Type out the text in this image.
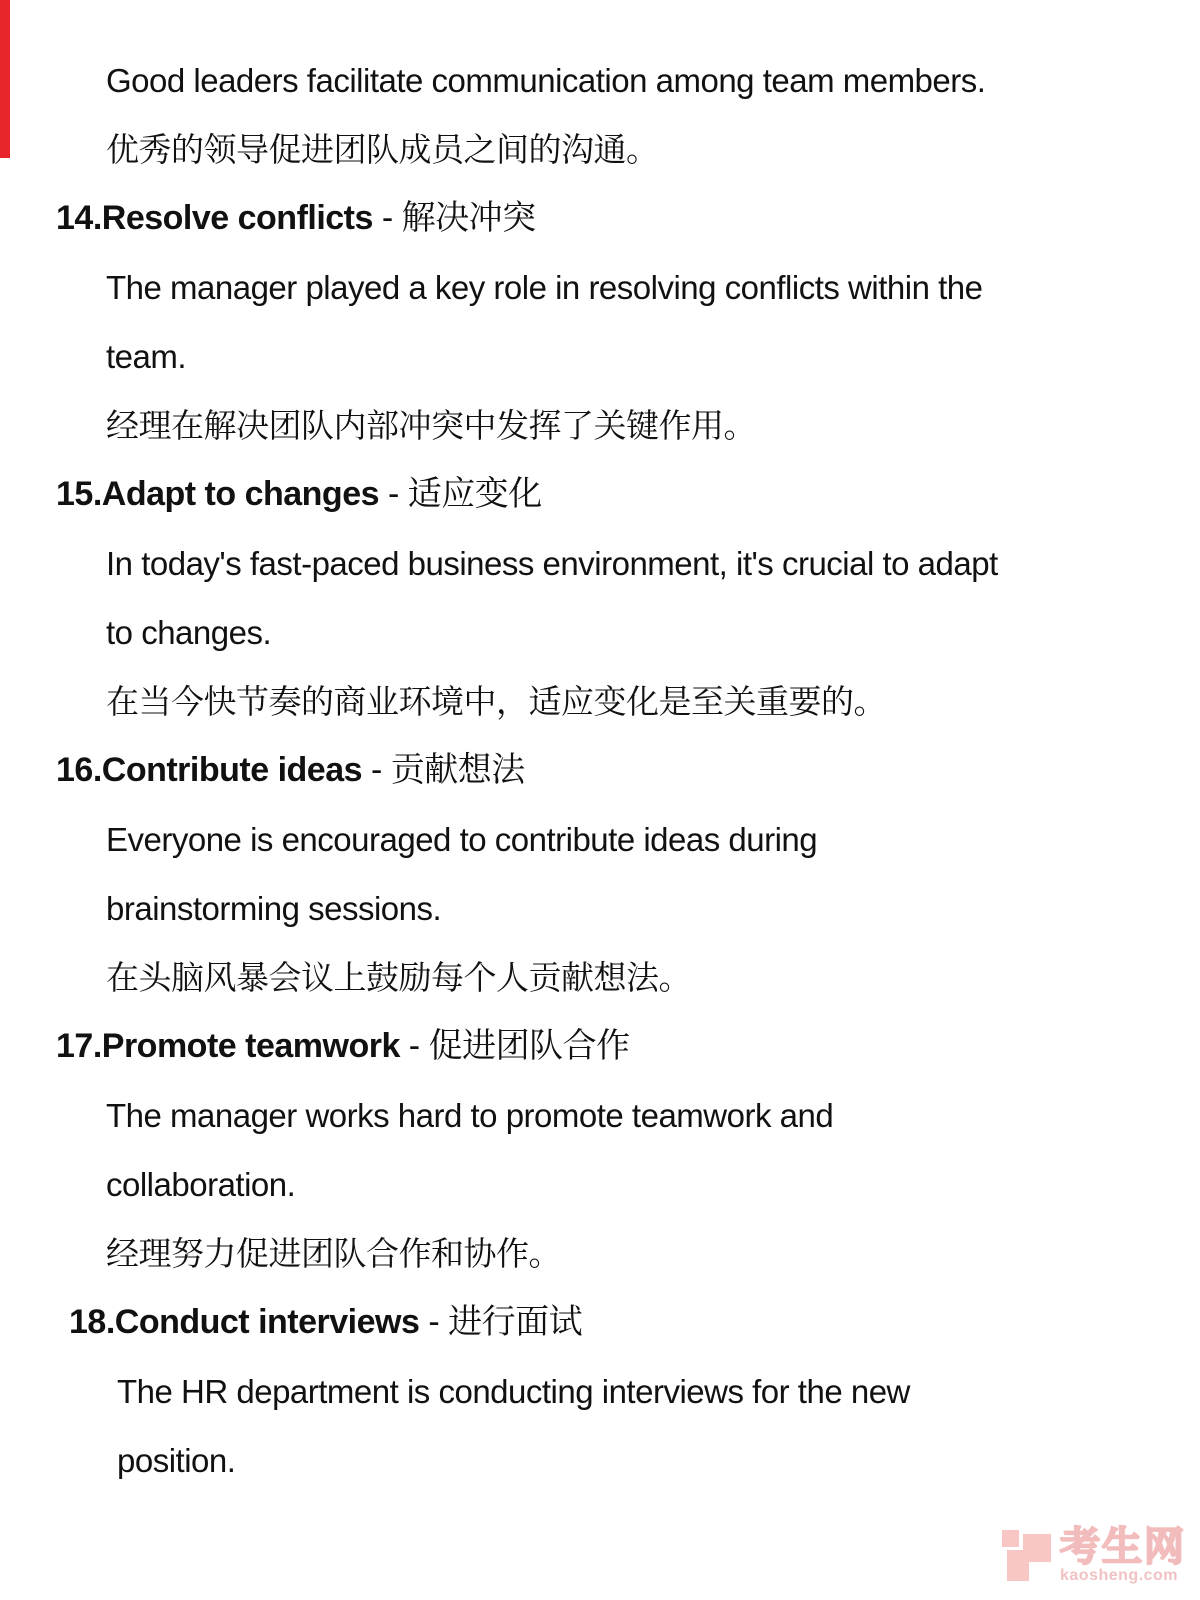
Good leaders facilitate communication among team members.
优秀的领导促进团队成员之间的沟通。
14.Resolve conflicts - 解决冲突
The manager played a key role in resolving conflicts within the
team.
经理在解决团队内部冲突中发挥了关键作用。
15.Adapt to changes - 适应变化
In today's fast-paced business environment, it's crucial to adapt
to changes.
在当今快节奏的商业环境中，适应变化是至关重要的。
16.Contribute ideas - 贡献想法
Everyone is encouraged to contribute ideas during
brainstorming sessions.
在头脑风暴会议上鼓励每个人贡献想法。
17.Promote teamwork - 促进团队合作
The manager works hard to promote teamwork and
collaboration.
经理努力促进团队合作和协作。
18.Conduct interviews - 进行面试
The HR department is conducting interviews for the new
position.
考生网
kaosheng.com
